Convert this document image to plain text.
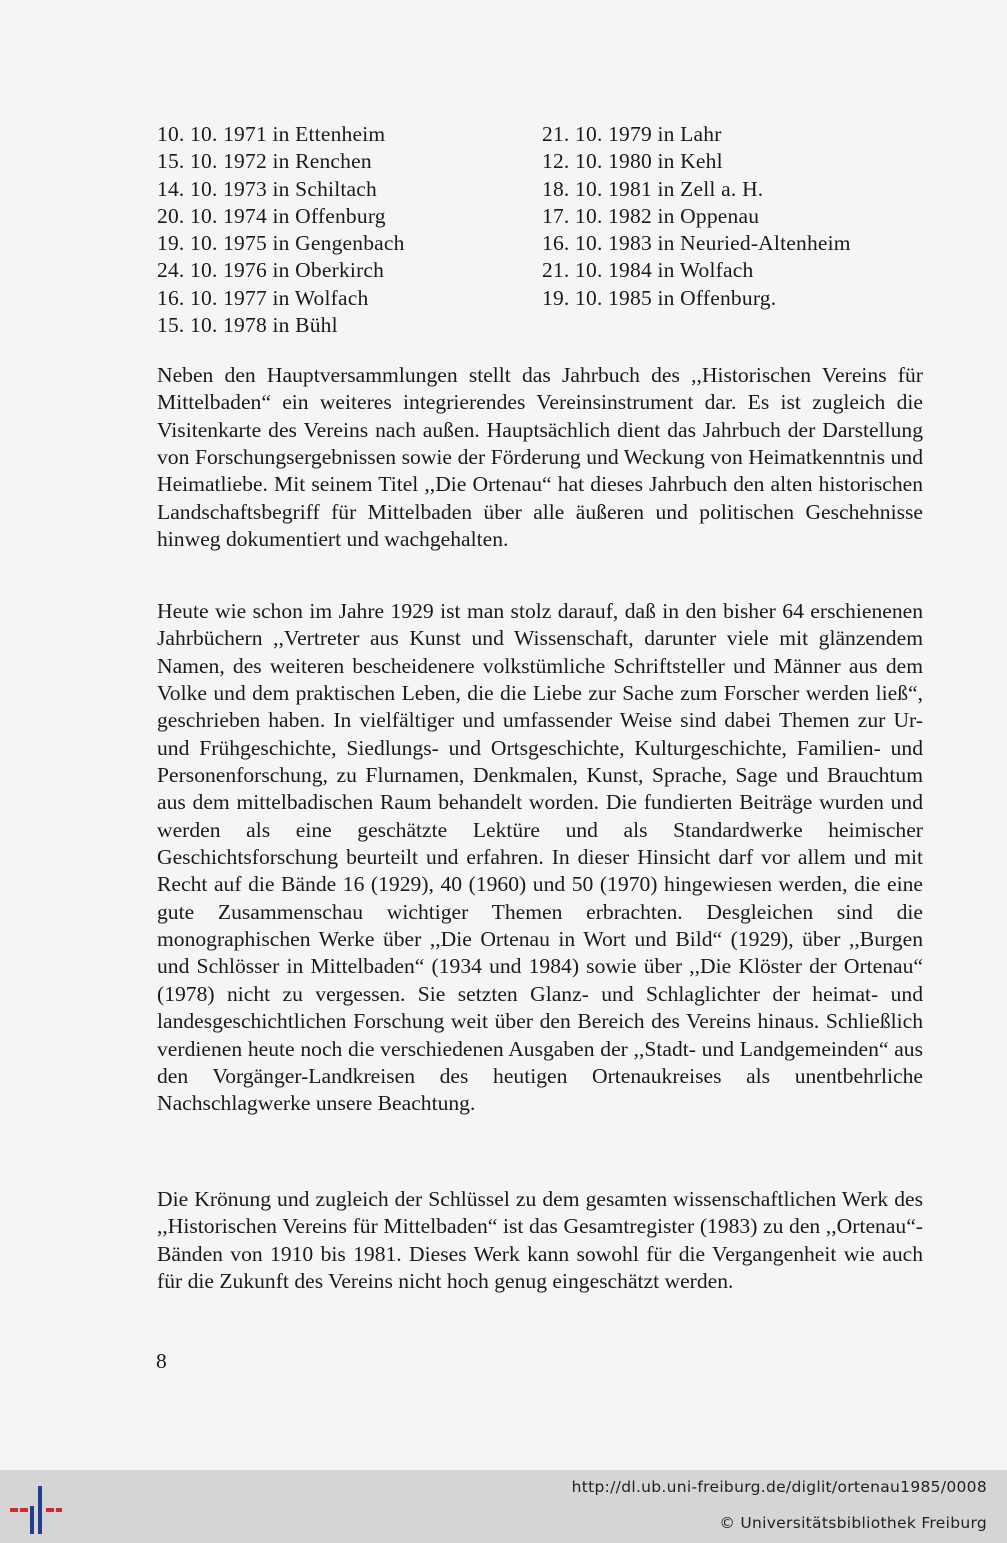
10. 10. 1971 in Ettenheim
15. 10. 1972 in Renchen
14. 10. 1973 in Schiltach
20. 10. 1974 in Offenburg
19. 10. 1975 in Gengenbach
24. 10. 1976 in Oberkirch
16. 10. 1977 in Wolfach
15. 10. 1978 in Bühl
21. 10. 1979 in Lahr
12. 10. 1980 in Kehl
18. 10. 1981 in Zell a. H.
17. 10. 1982 in Oppenau
16. 10. 1983 in Neuried-Altenheim
21. 10. 1984 in Wolfach
19. 10. 1985 in Offenburg.

Neben den Hauptversammlungen stellt das Jahrbuch des ,,Historischen Vereins für Mittelbaden“ ein weiteres integrierendes Vereinsinstrument dar. Es ist zugleich die Visitenkarte des Vereins nach außen. Hauptsächlich dient das Jahrbuch der Darstellung von Forschungsergebnissen sowie der Förderung und Weckung von Heimatkenntnis und Heimatliebe. Mit seinem Titel ,,Die Ortenau“ hat dieses Jahrbuch den alten historischen Landschaftsbegriff für Mittelbaden über alle äußeren und politischen Geschehnisse hinweg dokumentiert und wachgehalten.

Heute wie schon im Jahre 1929 ist man stolz darauf, daß in den bisher 64 erschienenen Jahrbüchern ,,Vertreter aus Kunst und Wissenschaft, darunter viele mit glänzendem Namen, des weiteren bescheidenere volkstümliche Schriftsteller und Männer aus dem Volke und dem praktischen Leben, die die Liebe zur Sache zum Forscher werden ließ“, geschrieben haben. In vielfältiger und umfassender Weise sind dabei Themen zur Ur- und Frühgeschichte, Siedlungs- und Ortsgeschichte, Kulturgeschichte, Familien- und Personenforschung, zu Flurnamen, Denkmalen, Kunst, Sprache, Sage und Brauchtum aus dem mittelbadischen Raum behandelt worden. Die fundierten Beiträge wurden und werden als eine geschätzte Lektüre und als Standardwerke heimischer Geschichtsforschung beurteilt und erfahren. In dieser Hinsicht darf vor allem und mit Recht auf die Bände 16 (1929), 40 (1960) und 50 (1970) hingewiesen werden, die eine gute Zusammenschau wichtiger Themen erbrachten. Desgleichen sind die monographischen Werke über ,,Die Ortenau in Wort und Bild“ (1929), über ,,Burgen und Schlösser in Mittelbaden“ (1934 und 1984) sowie über ,,Die Klöster der Ortenau“ (1978) nicht zu vergessen. Sie setzten Glanz- und Schlaglichter der heimat- und landesgeschichtlichen Forschung weit über den Bereich des Vereins hinaus. Schließlich verdienen heute noch die verschiedenen Ausgaben der ,,Stadt- und Landgemeinden“ aus den Vorgänger-Landkreisen des heutigen Ortenaukreises als unentbehrliche Nachschlagwerke unsere Beachtung.

Die Krönung und zugleich der Schlüssel zu dem gesamten wissenschaftlichen Werk des ,,Historischen Vereins für Mittelbaden“ ist das Gesamtregister (1983) zu den ,,Ortenau“-Bänden von 1910 bis 1981. Dieses Werk kann sowohl für die Vergangenheit wie auch für die Zukunft des Vereins nicht hoch genug eingeschätzt werden.

8
http://dl.ub.uni-freiburg.de/diglit/ortenau1985/0008
© Universitätsbibliothek Freiburg
